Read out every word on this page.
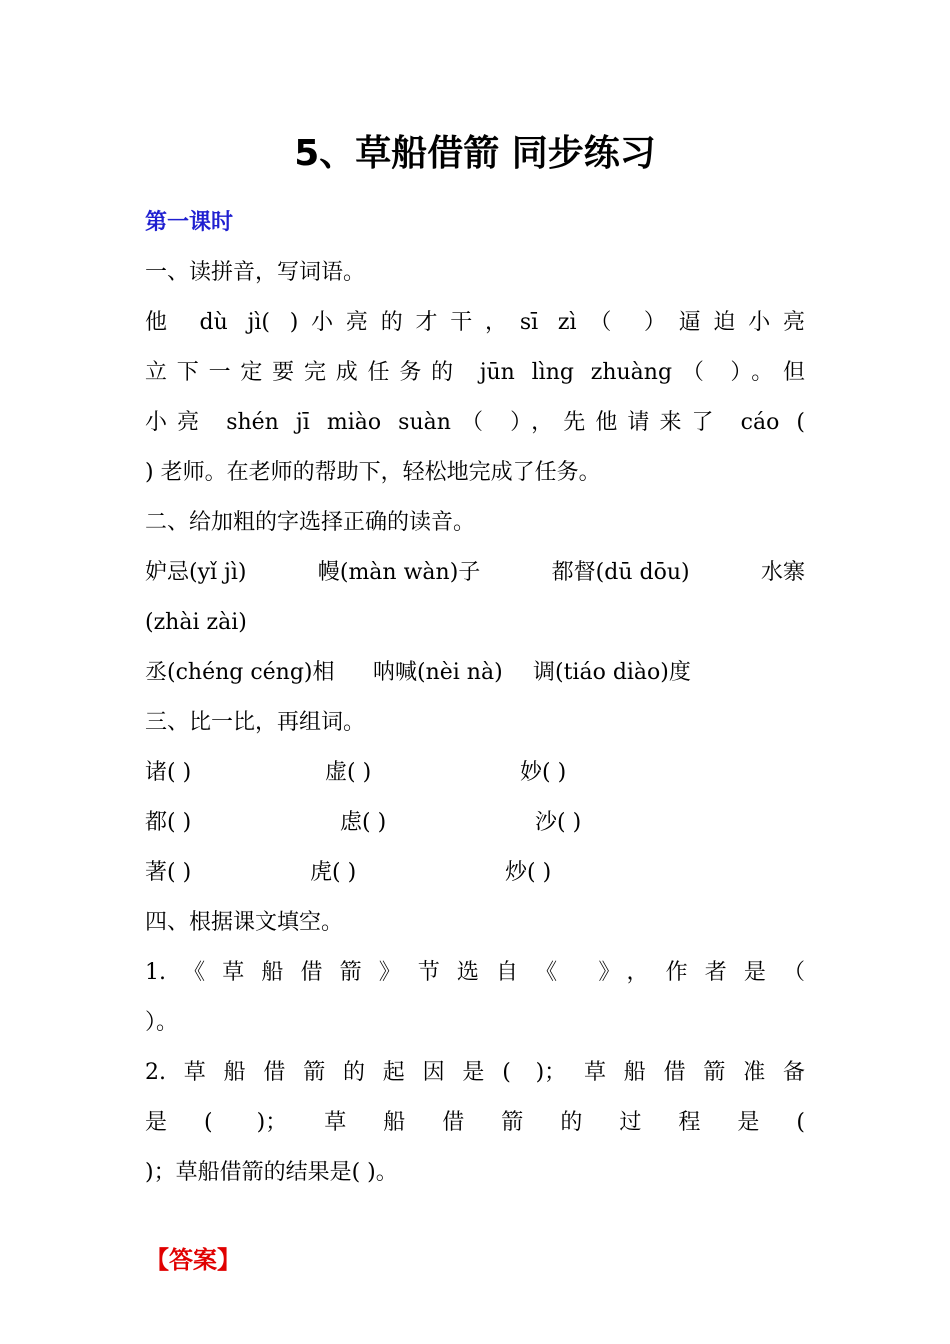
5、草船借箭 同步练习
第一课时
一、读拼音，写词语。
他 dù jì( )小亮的才干，sī zì（ ）逼迫小亮
立下一定要完成任务的 jūn lìng zhuàng（ ）。但
小亮 shén jī miào suàn（ ），先他请来了 cáo (
) 老师。在老师的帮助下，轻松地完成了任务。
二、给加粗的字选择正确的读音。
妒忌(yǐ jì)	幔(màn wàn)子	都督(dū dōu)	水寨
(zhài zài)
丞(chéng céng)相	呐喊(nèi nà)	调(tiáo diào)度
三、比一比，再组词。
诸( )	虚( )	妙( )
都( )	虑( )	沙( )
著( )	虎( )	炒( )
四、根据课文填空。
1.《草船借箭》节选自《 》，作者是（
）。
2.草船借箭的起因是( )；草船借箭准备
是( )；草船借箭的过程是(
)；草船借箭的结果是( )。
【答案】
